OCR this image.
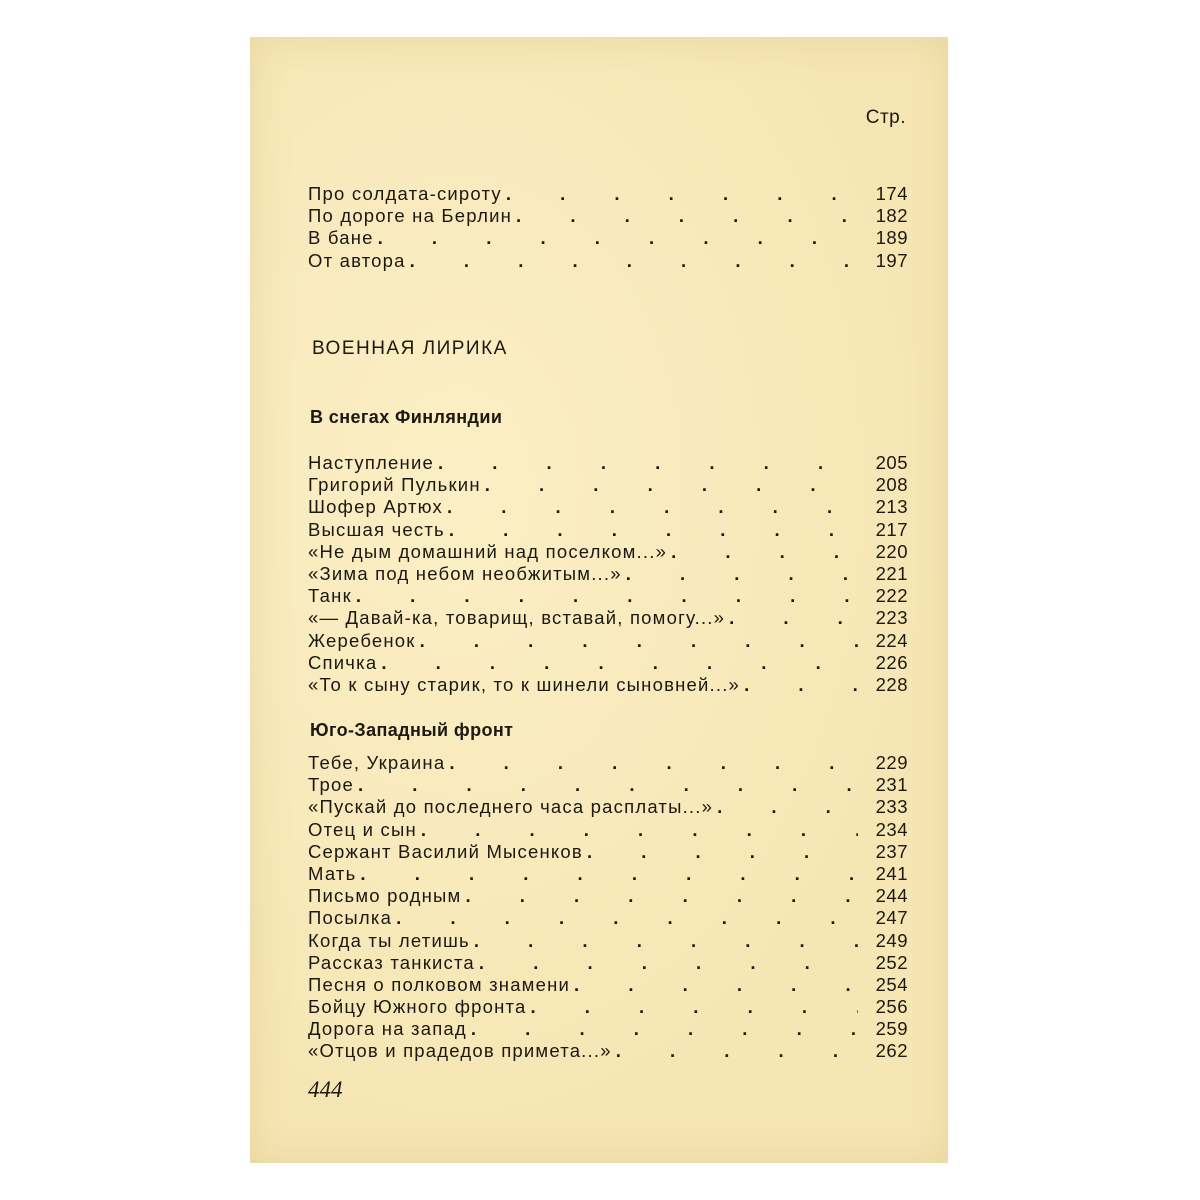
Стр.
Про солдата-сироту . . .	174
По дороге на Берлин . . .	182
В бане . . .	189
От автора . . .	197
ВОЕННАЯ ЛИРИКА
В снегах Финляндии
Наступление . . .	205
Григорий Пулькин . . .	208
Шофер Артюх . . .	213
Высшая честь . . .	217
«Не дым домашний над поселком...» . . .	220
«Зима под небом необжитым...» . . .	221
Танк . . .	222
«— Давай-ка, товарищ, вставай, помогу...» . . .	223
Жеребенок . . .	224
Спичка . . .	226
«То к сыну старик, то к шинели сыновней...» . . .	228
Юго-Западный фронт
Тебе, Украина . . .	229
Трое . . .	231
«Пускай до последнего часа расплаты...» . . .	233
Отец и сын . . .	234
Сержант Василий Мысенков . . .	237
Мать . . .	241
Письмо родным . . .	244
Посылка . . .	247
Когда ты летишь . . .	249
Рассказ танкиста . . .	252
Песня о полковом знамени . . .	254
Бойцу Южного фронта . . .	256
Дорога на запад . . .	259
«Отцов и прадедов примета...» . . .	262
444
